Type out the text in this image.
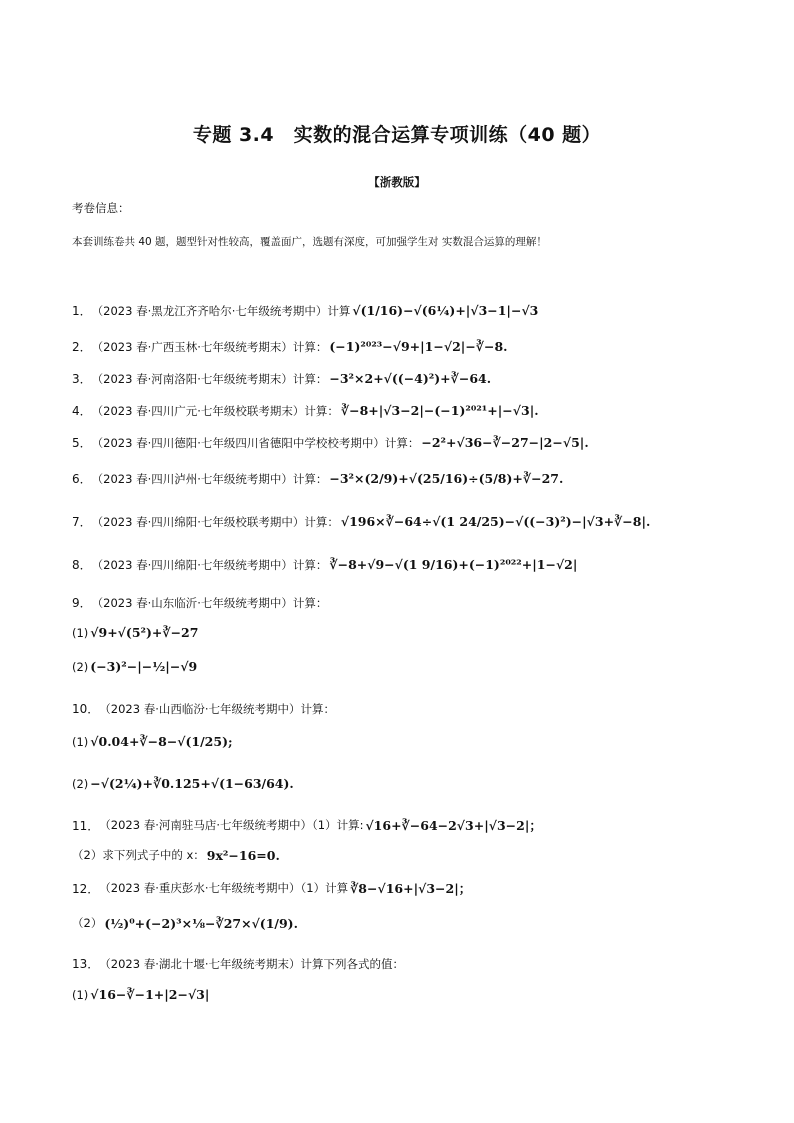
专题 3.4　实数的混合运算专项训练（40 题）
【浙教版】
考卷信息：
本套训练卷共 40 题，题型针对性较高，覆盖面广，选题有深度，可加强学生对 实数混合运算的理解！
1． （2023 春·黑龙江齐齐哈尔·七年级统考期中）计算 √(1/16)−√(6¼)+|√3−1|−√3
2． （2023 春·广西玉林·七年级统考期末）计算： (−1)²⁰²³−√9+|1−√2|−∛−8.
3． （2023 春·河南洛阳·七年级统考期末）计算： −3²×2+√((−4)²)+∛−64.
4． （2023 春·四川广元·七年级校联考期末）计算： ∛−8+|√3−2|−(−1)²⁰²¹+|−√3|.
5． （2023 春·四川德阳·七年级四川省德阳中学校校考期中）计算： −2²+√36−∛−27−|2−√5|.
6． （2023 春·四川泸州·七年级统考期中）计算： −3²×(2/9)+√(25/16)÷(5/8)+∛−27.
7． （2023 春·四川绵阳·七年级校联考期中）计算： √196×∛−64÷√(1 24/25)−√((−3)²)−|√3+∛−8|.
8． （2023 春·四川绵阳·七年级统考期中）计算： ∛−8+√9−√(1 9/16)+(−1)²⁰²²+|1−√2|
9． （2023 春·山东临沂·七年级统考期中）计算：
(1) √9+√(5²)+∛−27
(2) (−3)²−|−½|−√9
10． （2023 春·山西临汾·七年级统考期中）计算：
(1) √0.04+∛−8−√(1/25);
(2) −√(2¼)+∛0.125+√(1−63/64).
11． （2023 春·河南驻马店·七年级统考期中）（1）计算: √16+∛−64−2√3+|√3−2|；
（2）求下列式子中的 x： 9x²−16=0.
12． （2023 春·重庆彭水·七年级统考期中）（1）计算 ∛8−√16+|√3−2|；
（2） (½)⁰+(−2)³×⅛−∛27×√(1/9).
13． （2023 春·湖北十堰·七年级统考期末）计算下列各式的值：
(1) √16−∛−1+|2−√3|
